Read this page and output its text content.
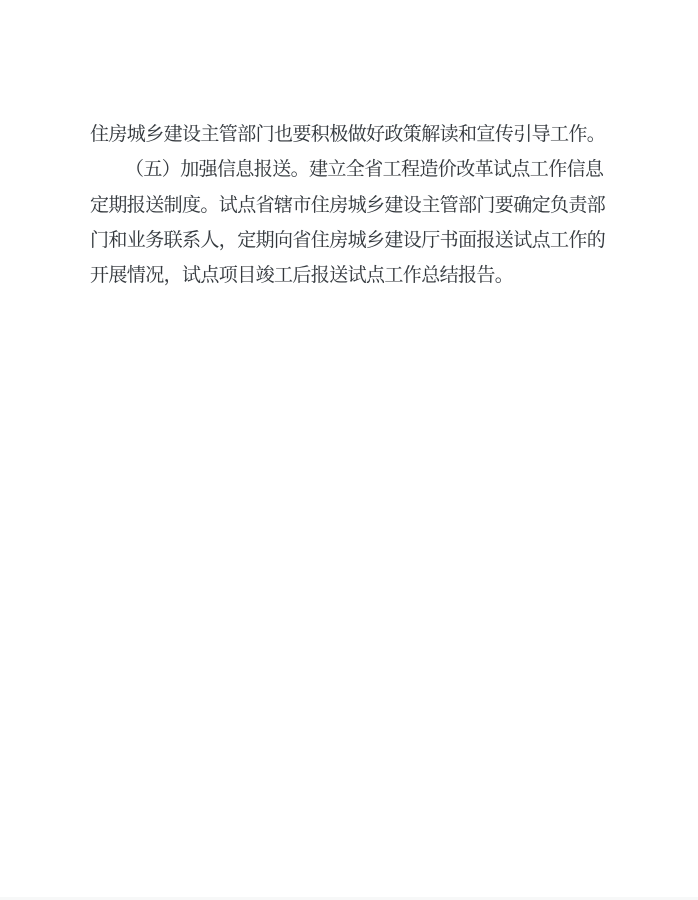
住房城乡建设主管部门也要积极做好政策解读和宣传引导工作。
（五）加强信息报送。建立全省工程造价改革试点工作信息
定期报送制度。试点省辖市住房城乡建设主管部门要确定负责部
门和业务联系人，定期向省住房城乡建设厅书面报送试点工作的
开展情况，试点项目竣工后报送试点工作总结报告。
